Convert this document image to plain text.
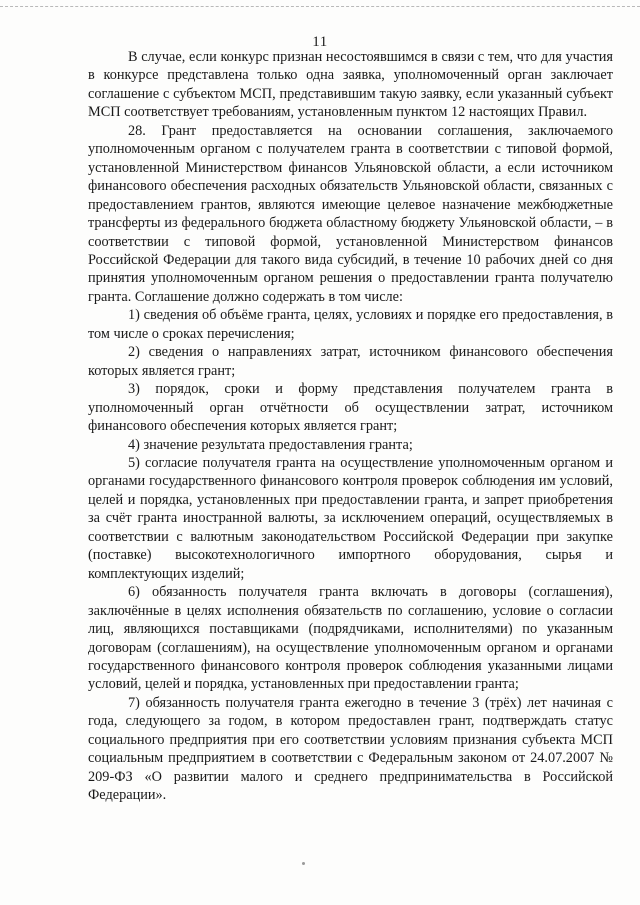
11

В случае, если конкурс признан несостоявшимся в связи с тем, что для участия в конкурсе представлена только одна заявка, уполномоченный орган заключает соглашение с субъектом МСП, представившим такую заявку, если указанный субъект МСП соответствует требованиям, установленным пунктом 12 настоящих Правил.

28. Грант предоставляется на основании соглашения, заключаемого уполномоченным органом с получателем гранта в соответствии с типовой формой, установленной Министерством финансов Ульяновской области, а если источником финансового обеспечения расходных обязательств Ульяновской области, связанных с предоставлением грантов, являются имеющие целевое назначение межбюджетные трансферты из федерального бюджета областному бюджету Ульяновской области, – в соответствии с типовой формой, установленной Министерством финансов Российской Федерации для такого вида субсидий, в течение 10 рабочих дней со дня принятия уполномоченным органом решения о предоставлении гранта получателю гранта. Соглашение должно содержать в том числе:

1) сведения об объёме гранта, целях, условиях и порядке его предоставления, в том числе о сроках перечисления;

2) сведения о направлениях затрат, источником финансового обеспечения которых является грант;

3) порядок, сроки и форму представления получателем гранта в уполномоченный орган отчётности об осуществлении затрат, источником финансового обеспечения которых является грант;

4) значение результата предоставления гранта;

5) согласие получателя гранта на осуществление уполномоченным органом и органами государственного финансового контроля проверок соблюдения им условий, целей и порядка, установленных при предоставлении гранта, и запрет приобретения за счёт гранта иностранной валюты, за исключением операций, осуществляемых в соответствии с валютным законодательством Российской Федерации при закупке (поставке) высокотехнологичного импортного оборудования, сырья и комплектующих изделий;

6) обязанность получателя гранта включать в договоры (соглашения), заключённые в целях исполнения обязательств по соглашению, условие о согласии лиц, являющихся поставщиками (подрядчиками, исполнителями) по указанным договорам (соглашениям), на осуществление уполномоченным органом и органами государственного финансового контроля проверок соблюдения указанными лицами условий, целей и порядка, установленных при предоставлении гранта;

7) обязанность получателя гранта ежегодно в течение 3 (трёх) лет начиная с года, следующего за годом, в котором предоставлен грант, подтверждать статус социального предприятия при его соответствии условиям признания субъекта МСП социальным предприятием в соответствии с Федеральным законом от 24.07.2007 № 209-ФЗ «О развитии малого и среднего предпринимательства в Российской Федерации».
